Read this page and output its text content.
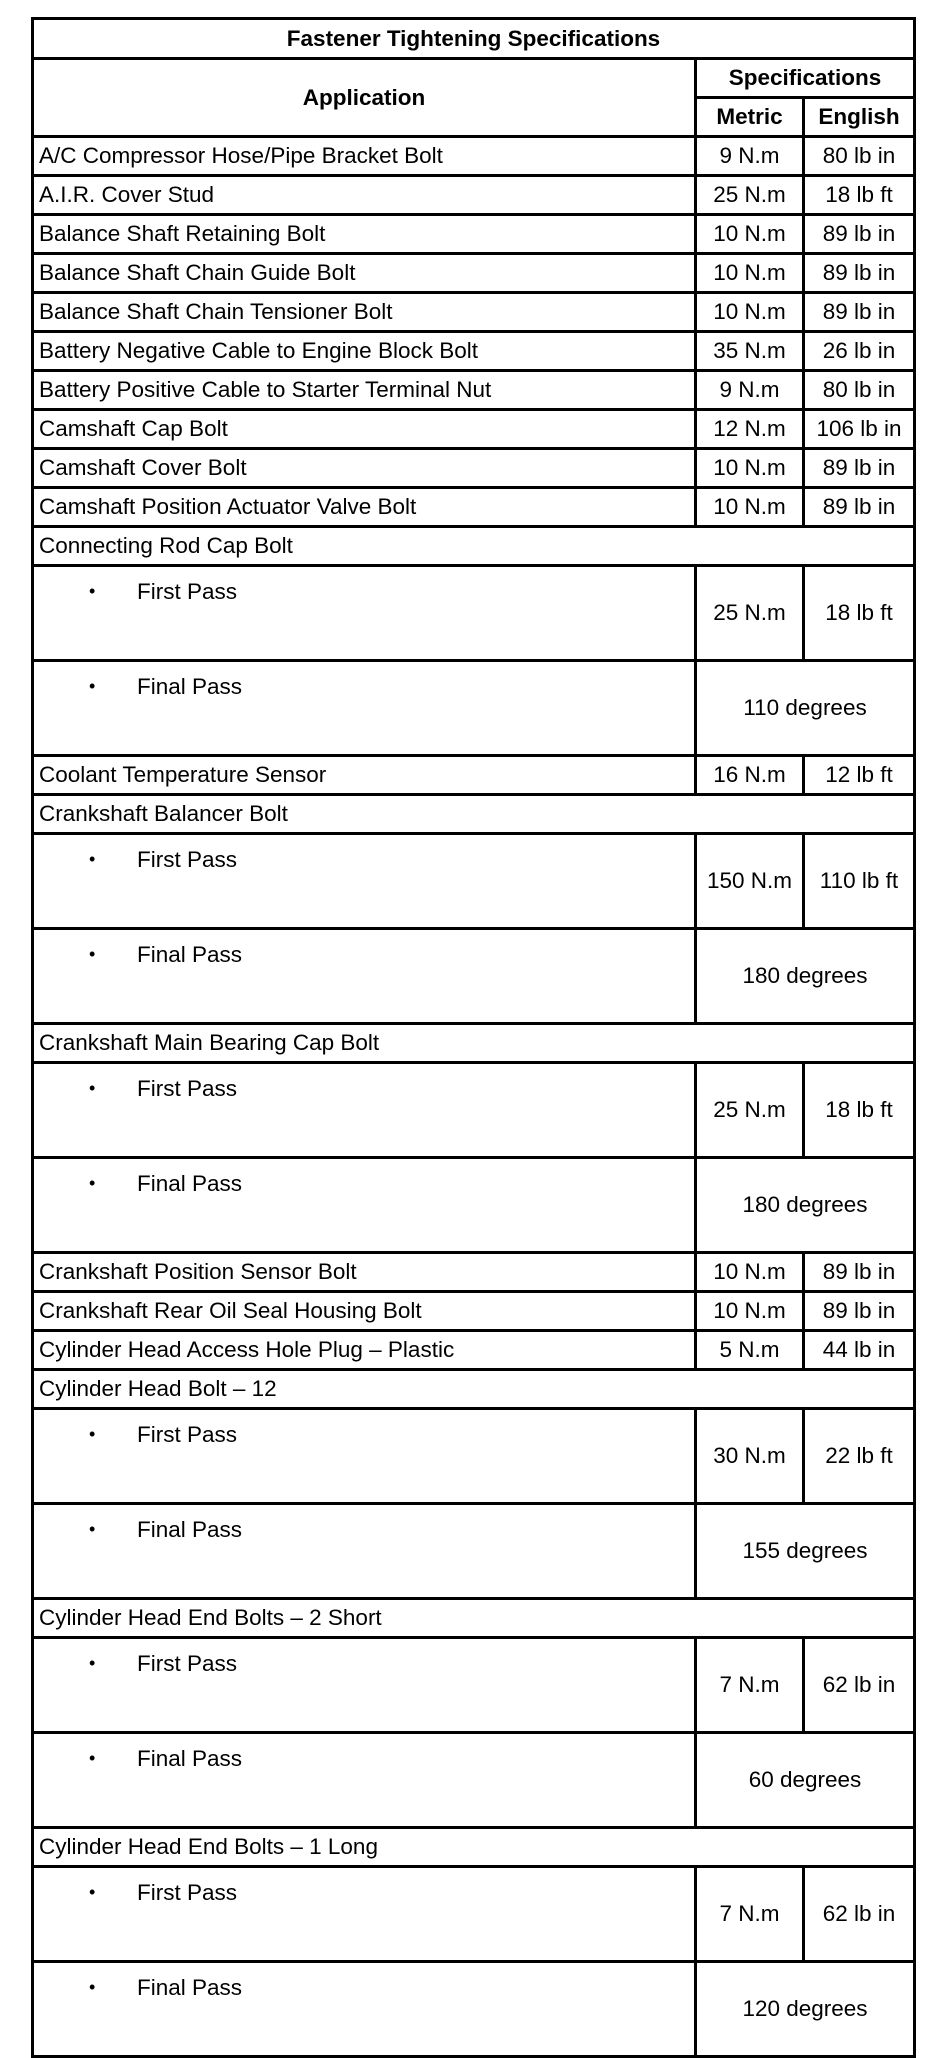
Fastener Tightening Specifications		
Application	Specifications	
	Metric	English
A/C Compressor Hose/Pipe Bracket Bolt	9 N.m	80 lb in
A.I.R. Cover Stud	25 N.m	18 lb ft
Balance Shaft Retaining Bolt	10 N.m	89 lb in
Balance Shaft Chain Guide Bolt	10 N.m	89 lb in
Balance Shaft Chain Tensioner Bolt	10 N.m	89 lb in
Battery Negative Cable to Engine Block Bolt	35 N.m	26 lb in
Battery Positive Cable to Starter Terminal Nut	9 N.m	80 lb in
Camshaft Cap Bolt	12 N.m	106 lb in
Camshaft Cover Bolt	10 N.m	89 lb in
Camshaft Position Actuator Valve Bolt	10 N.m	89 lb in
Connecting Rod Cap Bolt		
• First Pass	25 N.m	18 lb ft
• Final Pass	110 degrees	
Coolant Temperature Sensor	16 N.m	12 lb ft
Crankshaft Balancer Bolt		
• First Pass	150 N.m	110 lb ft
• Final Pass	180 degrees	
Crankshaft Main Bearing Cap Bolt		
• First Pass	25 N.m	18 lb ft
• Final Pass	180 degrees	
Crankshaft Position Sensor Bolt	10 N.m	89 lb in
Crankshaft Rear Oil Seal Housing Bolt	10 N.m	89 lb in
Cylinder Head Access Hole Plug – Plastic	5 N.m	44 lb in
Cylinder Head Bolt – 12		
• First Pass	30 N.m	22 lb ft
• Final Pass	155 degrees	
Cylinder Head End Bolts – 2 Short		
• First Pass	7 N.m	62 lb in
• Final Pass	60 degrees	
Cylinder Head End Bolts – 1 Long		
• First Pass	7 N.m	62 lb in
• Final Pass	120 degrees	
